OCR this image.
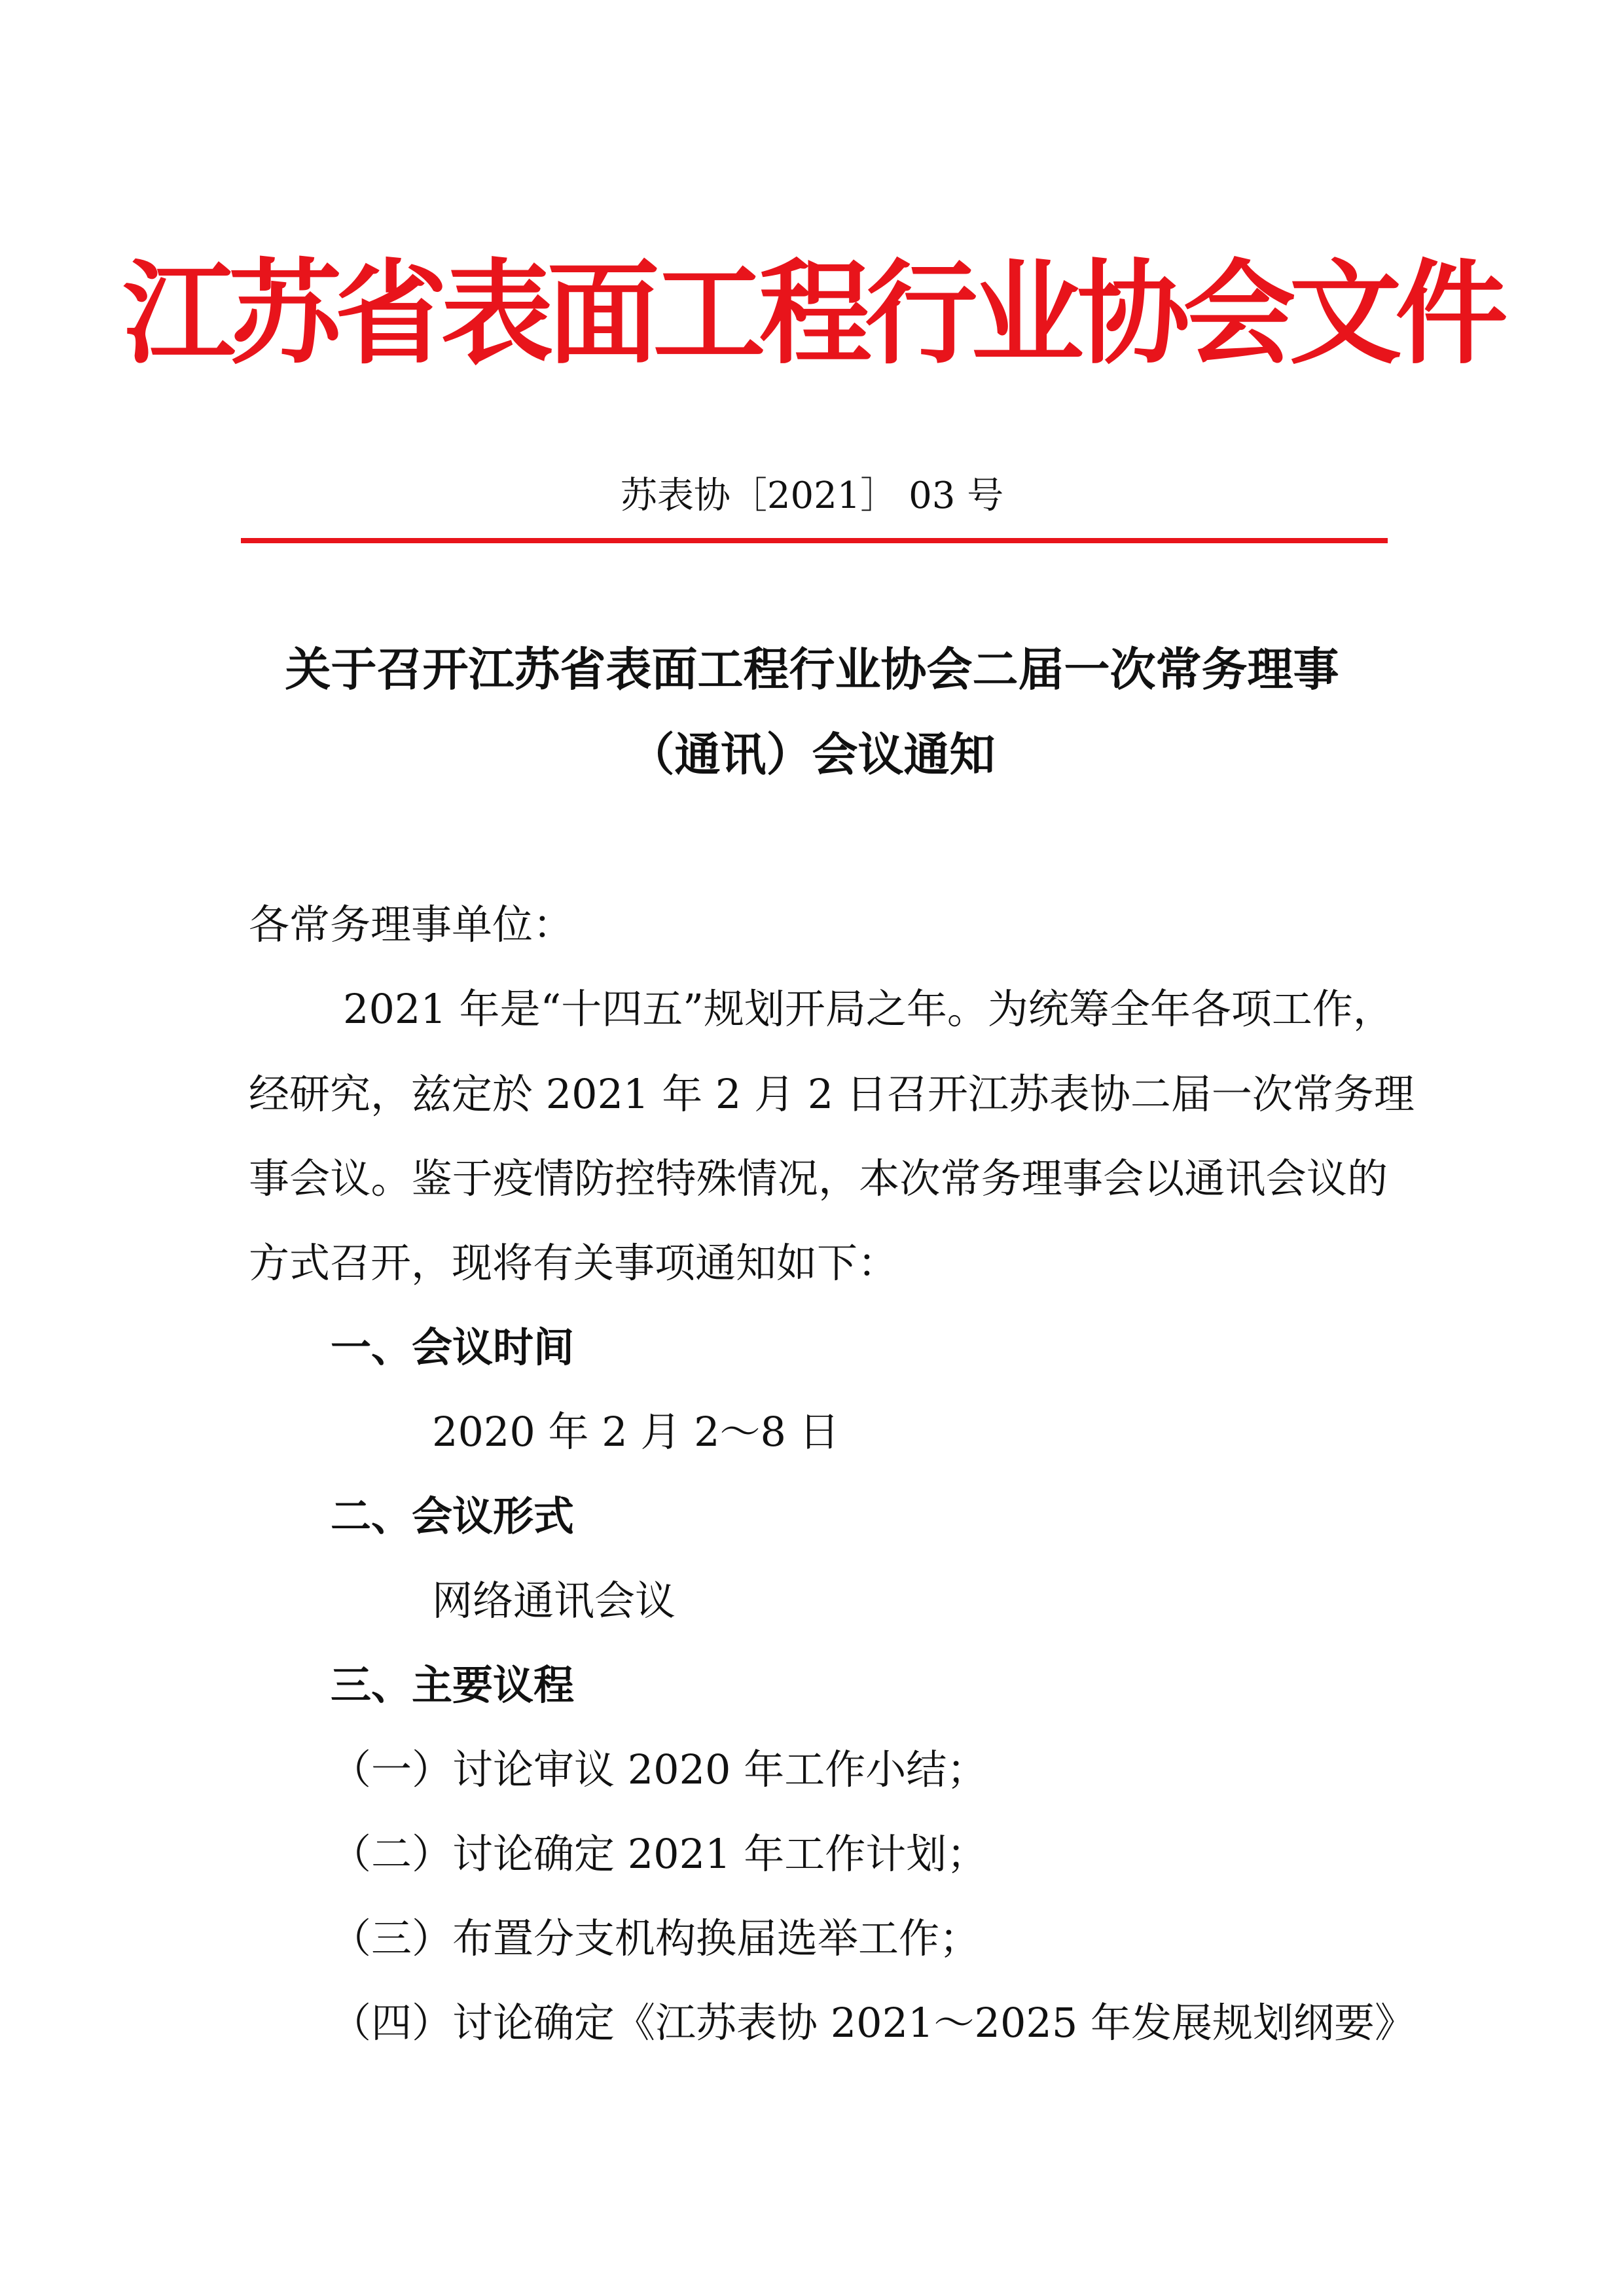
江苏省表面工程行业协会文件
苏表协［2021］ 03 号
关于召开江苏省表面工程行业协会二届一次常务理事
（通讯）会议通知
各常务理事单位：
2021 年是“十四五”规划开局之年。为统筹全年各项工作，
经研究，兹定於 2021 年 2 月 2 日召开江苏表协二届一次常务理
事会议。鉴于疫情防控特殊情况，本次常务理事会以通讯会议的
方式召开，现将有关事项通知如下：
一、会议时间
2020 年 2 月 2～8 日
二、会议形式
网络通讯会议
三、主要议程
（一）讨论审议 2020 年工作小结；
（二）讨论确定 2021 年工作计划；
（三）布置分支机构换届选举工作；
（四）讨论确定《江苏表协 2021～2025 年发展规划纲要》
